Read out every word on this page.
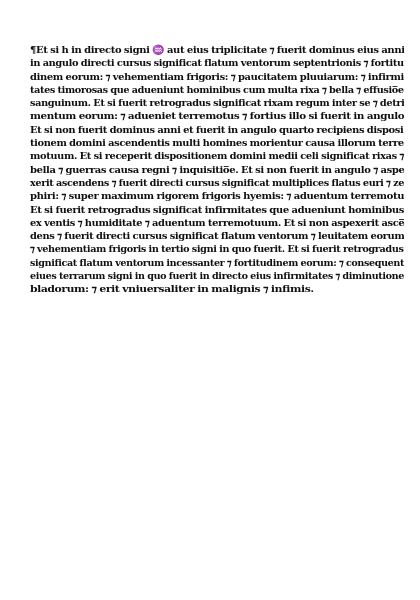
¶Et si h in directo signi ♒ aut eius triplicitate ⁊ fuerit dominus eius anni
in angulo directi cursus significat flatum ventorum septentrionis ⁊ fortitu
dinem eorum: ⁊ vehementiam frigoris: ⁊ paucitatem pluuiarum: ⁊ infirmi
tates timorosas que adueniunt hominibus cum multa rixa ⁊ bella ⁊ effusio̅e
sanguinum. Et si fuerit retrogradus significat rixam regum inter se ⁊ detri
mentum eorum: ⁊ adueniet terremotus ⁊ fortius illo si fuerit in angulo
Et si non fuerit dominus anni et fuerit in angulo quarto recipiens disposi
tionem domini ascendentis multi homines morientur causa illorum terre
motuum. Et si receperit dispositionem domini medii celi significat rixas ⁊
bella ⁊ guerras causa regni ⁊ inquisitio̅e. Et si non fuerit in angulo ⁊ aspe
xerit ascendens ⁊ fuerit directi cursus significat multiplices flatus euri ⁊ ze
phiri: ⁊ super maximum rigorem frigoris hyemis: ⁊ aduentum terremotu
Et si fuerit retrogradus significat infirmitates que adueniunt hominibus
ex ventis ⁊ humiditate ⁊ aduentum terremotuum. Et si non aspexerit asce̅
dens ⁊ fuerit directi cursus significat flatum ventorum ⁊ leuitatem eorum
⁊ vehementiam frigoris in tertio signi in quo fuerit. Et si fuerit retrogradus
significat flatum ventorum incessanter ⁊ fortitudinem eorum: ⁊ consequent
eiues terrarum signi in quo fuerit in directo eius infirmitates ⁊ diminutione
bladorum: ⁊ erit vniuersaliter in malignis ⁊ infimis.
